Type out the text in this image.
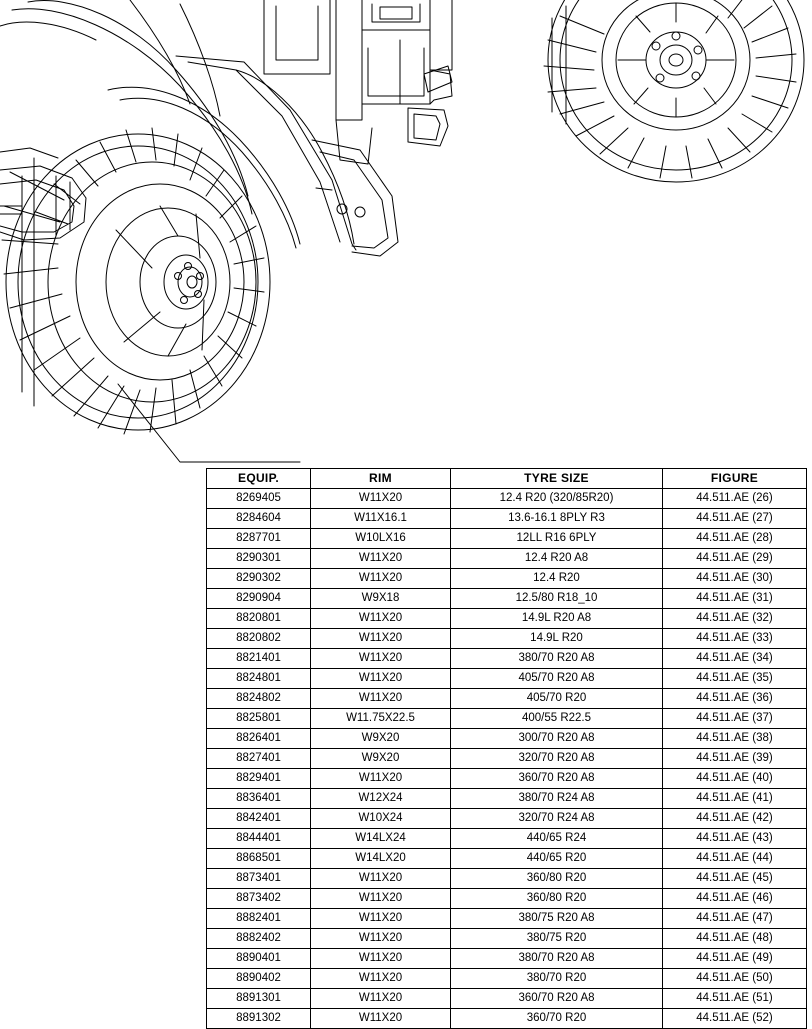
EQUIP.	RIM	TYRE SIZE	FIGURE
8269405	W11X20	12.4 R20 (320/85R20)	44.511.AE (26)
8284604	W11X16.1	13.6-16.1 8PLY R3	44.511.AE (27)
8287701	W10LX16	12LL R16 6PLY	44.511.AE (28)
8290301	W11X20	12.4 R20 A8	44.511.AE (29)
8290302	W11X20	12.4 R20	44.511.AE (30)
8290904	W9X18	12.5/80 R18_10	44.511.AE (31)
8820801	W11X20	14.9L R20 A8	44.511.AE (32)
8820802	W11X20	14.9L R20	44.511.AE (33)
8821401	W11X20	380/70 R20 A8	44.511.AE (34)
8824801	W11X20	405/70 R20 A8	44.511.AE (35)
8824802	W11X20	405/70 R20	44.511.AE (36)
8825801	W11.75X22.5	400/55 R22.5	44.511.AE (37)
8826401	W9X20	300/70 R20 A8	44.511.AE (38)
8827401	W9X20	320/70 R20 A8	44.511.AE (39)
8829401	W11X20	360/70 R20 A8	44.511.AE (40)
8836401	W12X24	380/70 R24 A8	44.511.AE (41)
8842401	W10X24	320/70 R24 A8	44.511.AE (42)
8844401	W14LX24	440/65 R24	44.511.AE (43)
8868501	W14LX20	440/65 R20	44.511.AE (44)
8873401	W11X20	360/80 R20	44.511.AE (45)
8873402	W11X20	360/80 R20	44.511.AE (46)
8882401	W11X20	380/75 R20 A8	44.511.AE (47)
8882402	W11X20	380/75 R20	44.511.AE (48)
8890401	W11X20	380/70 R20 A8	44.511.AE (49)
8890402	W11X20	380/70 R20	44.511.AE (50)
8891301	W11X20	360/70 R20 A8	44.511.AE (51)
8891302	W11X20	360/70 R20	44.511.AE (52)
